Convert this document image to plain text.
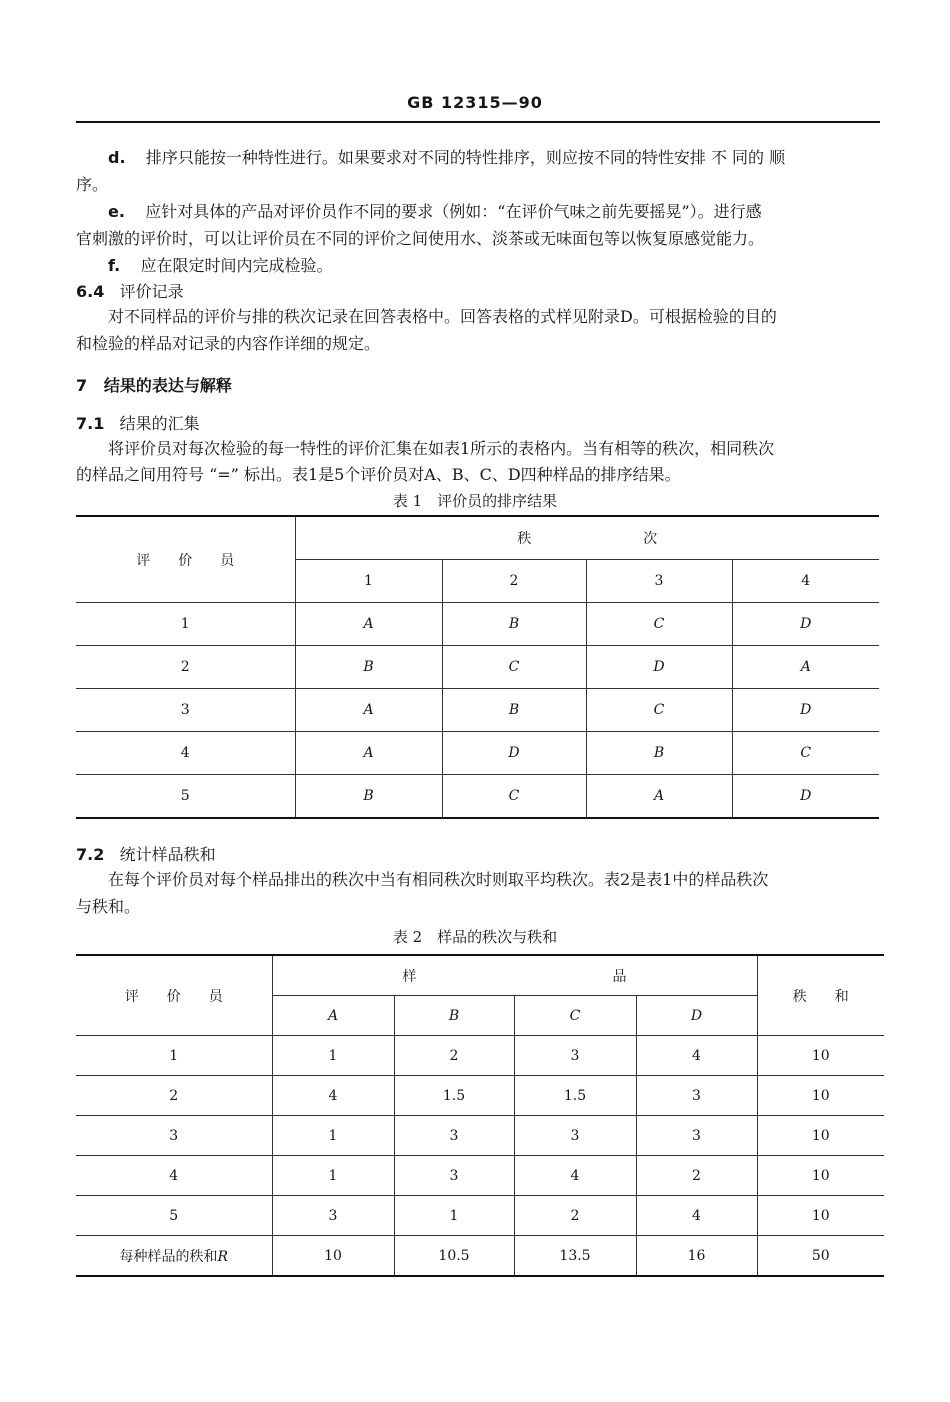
GB 12315—90
d. 排序只能按一种特性进行。如果要求对不同的特性排序，则应按不同的特性安排 不 同的 顺
序。
e. 应针对具体的产品对评价员作不同的要求（例如：“在评价气味之前先要摇晃”）。进行感
官刺激的评价时，可以让评价员在不同的评价之间使用水、淡茶或无味面包等以恢复原感觉能力。
f. 应在限定时间内完成检验。
6.4 评价记录
对不同样品的评价与排的秩次记录在回答表格中。回答表格的式样见附录D。可根据检验的目的
和检验的样品对记录的内容作详细的规定。
7 结果的表达与解释
7.1 结果的汇集
将评价员对每次检验的每一特性的评价汇集在如表1所示的表格内。当有相等的秩次，相同秩次
的样品之间用符号 “=” 标出。表1是5个评价员对A、B、C、D四种样品的排序结果。
表 1　评价员的排序结果
评　　价　　员	秩　　　　　　　　次			
	1	2	3	4
1	A	B	C	D
2	B	C	D	A
3	A	B	C	D
4	A	D	B	C
5	B	C	A	D
7.2 统计样品秩和
在每个评价员对每个样品排出的秩次中当有相同秩次时则取平均秩次。表2是表1中的样品秩次
与秩和。
表 2　样品的秩次与秩和
评　　价　　员	样　　　　　　　　　　　　　　品				秩　　和
	A	B	C	D	
1	1	2	3	4	10
2	4	1.5	1.5	3	10
3	1	3	3	3	10
4	1	3	4	2	10
5	3	1	2	4	10
每种样品的秩和R	10	10.5	13.5	16	50
